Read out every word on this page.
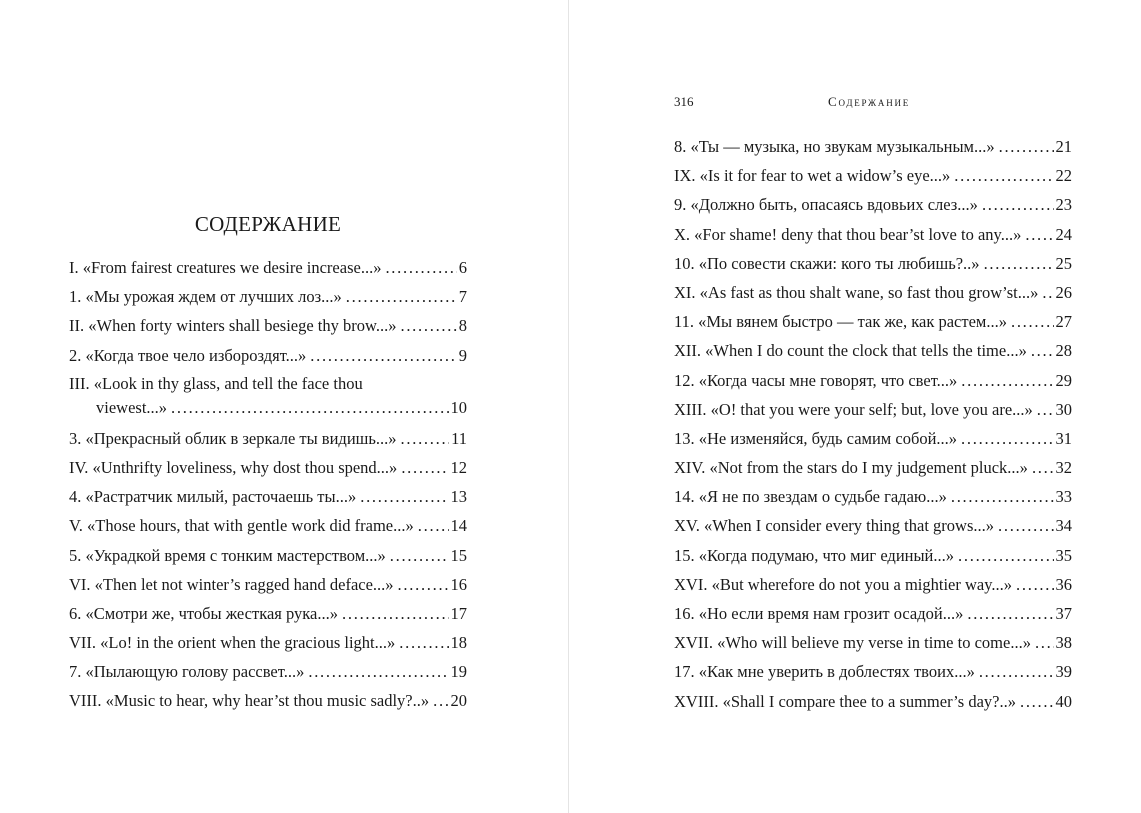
СОДЕРЖАНИЕ
I. «From fairest creatures we desire increase...» . . .	6
1. «Мы урожая ждем от лучших лоз...» . . .	7
II. «When forty winters shall besiege thy brow...» . . .	8
2. «Когда твое чело избороздят...» . . .	9
III. «Look in thy glass, and tell the face thou
viewest...» . . .	10
3. «Прекрасный облик в зеркале ты видишь...» . . .	11
IV. «Unthrifty loveliness, why dost thou spend...» . . .	12
4. «Растратчик милый, расточаешь ты...» . . .	13
V. «Those hours, that with gentle work did frame...» . . . 14
5. «Украдкой время с тонким мастерством...» . . .	15
VI. «Then let not winter’s ragged hand deface...» . . .	16
6. «Смотри же, чтобы жесткая рука...» . . .	17
VII. «Lo! in the orient when the gracious light...» . . .	18
7. «Пылающую голову рассвет...» . . .	19
VIII. «Music to hear, why hear’st thou music sadly?..» . . . 20
316	Содержание
8. «Ты — музыка, но звукам музыкальным...» . . .	21
IX. «Is it for fear to wet a widow’s eye...» . . .	22
9. «Должно быть, опасаясь вдовьих слез...» . . .	23
X. «For shame! deny that thou bear’st love to any...» . . . 24
10. «По совести скажи: кого ты любишь?..» . . .	25
XI. «As fast as thou shalt wane, so fast thou grow’st...» . . . 26
11. «Мы вянем быстро — так же, как растем...» . . .	27
XII. «When I do count the clock that tells the time...» . . . 28
12. «Когда часы мне говорят, что свет...» . . .	29
XIII. «O! that you were your self; but, love you are...» . . . 30
13. «Не изменяйся, будь самим собой...» . . .	31
XIV. «Not from the stars do I my judgement pluck...» . . . 32
14. «Я не по звездам о судьбе гадаю...» . . .	33
XV. «When I consider every thing that grows...» . . .	34
15. «Когда подумаю, что миг единый...» . . .	35
XVI. «But wherefore do not you a mightier way...» . . .	36
16. «Но если время нам грозит осадой...» . . .	37
XVII. «Who will believe my verse in time to come...» . . . 38
17. «Как мне уверить в доблестях твоих...» . . .	39
XVIII. «Shall I compare thee to a summer’s day?..» . . . 40
